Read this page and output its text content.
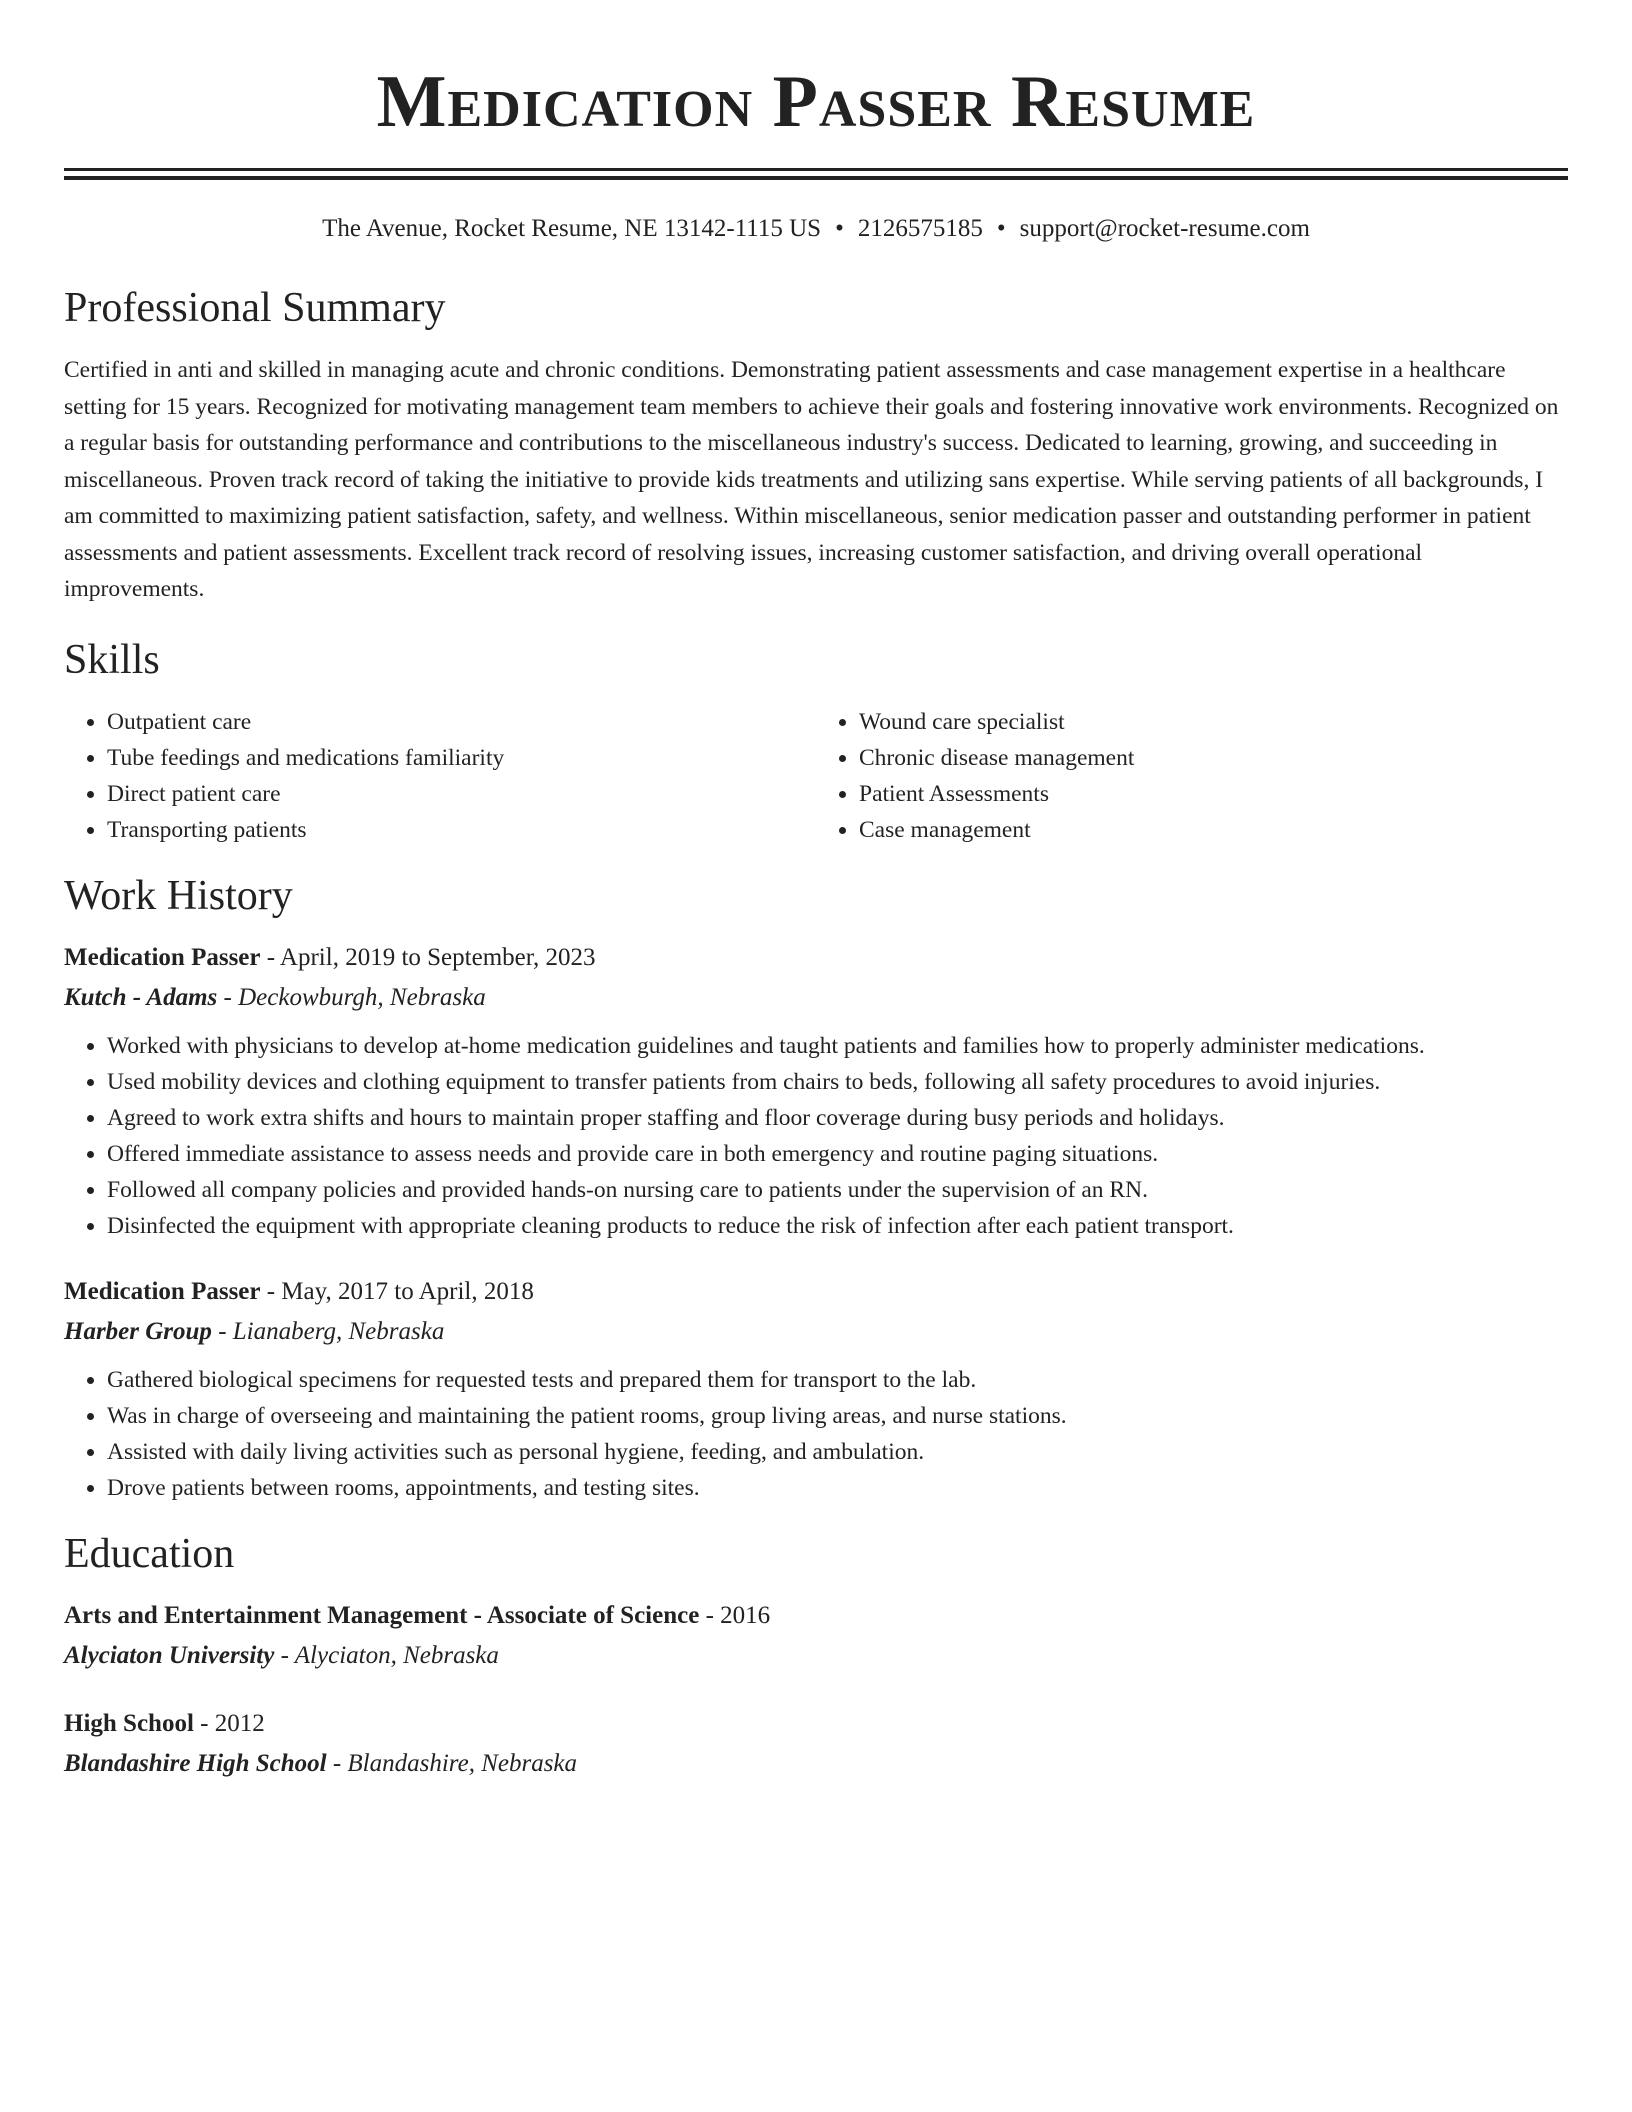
Medication Passer Resume
The Avenue, Rocket Resume, NE 13142-1115 US • 2126575185 • support@rocket-resume.com
Professional Summary

Certified in anti and skilled in managing acute and chronic conditions. Demonstrating patient assessments and case management expertise in a healthcare setting for 15 years. Recognized for motivating management team members to achieve their goals and fostering innovative work environments. Recognized on a regular basis for outstanding performance and contributions to the miscellaneous industry's success. Dedicated to learning, growing, and succeeding in miscellaneous. Proven track record of taking the initiative to provide kids treatments and utilizing sans expertise. While serving patients of all backgrounds, I am committed to maximizing patient satisfaction, safety, and wellness. Within miscellaneous, senior medication passer and outstanding performer in patient assessments and patient assessments. Excellent track record of resolving issues, increasing customer satisfaction, and driving overall operational improvements.

Skills
• Outpatient care
• Tube feedings and medications familiarity
• Direct patient care
• Transporting patients
• Wound care specialist
• Chronic disease management
• Patient Assessments
• Case management
Work History
Medication Passer - April, 2019 to September, 2023
Kutch - Adams - Deckowburgh, Nebraska
• Worked with physicians to develop at-home medication guidelines and taught patients and families how to properly administer medications.
• Used mobility devices and clothing equipment to transfer patients from chairs to beds, following all safety procedures to avoid injuries.
• Agreed to work extra shifts and hours to maintain proper staffing and floor coverage during busy periods and holidays.
• Offered immediate assistance to assess needs and provide care in both emergency and routine paging situations.
• Followed all company policies and provided hands-on nursing care to patients under the supervision of an RN.
• Disinfected the equipment with appropriate cleaning products to reduce the risk of infection after each patient transport.
Medication Passer - May, 2017 to April, 2018
Harber Group - Lianaberg, Nebraska
• Gathered biological specimens for requested tests and prepared them for transport to the lab.
• Was in charge of overseeing and maintaining the patient rooms, group living areas, and nurse stations.
• Assisted with daily living activities such as personal hygiene, feeding, and ambulation.
• Drove patients between rooms, appointments, and testing sites.
Education
Arts and Entertainment Management - Associate of Science - 2016
Alyciaton University - Alyciaton, Nebraska
High School - 2012
Blandashire High School - Blandashire, Nebraska
